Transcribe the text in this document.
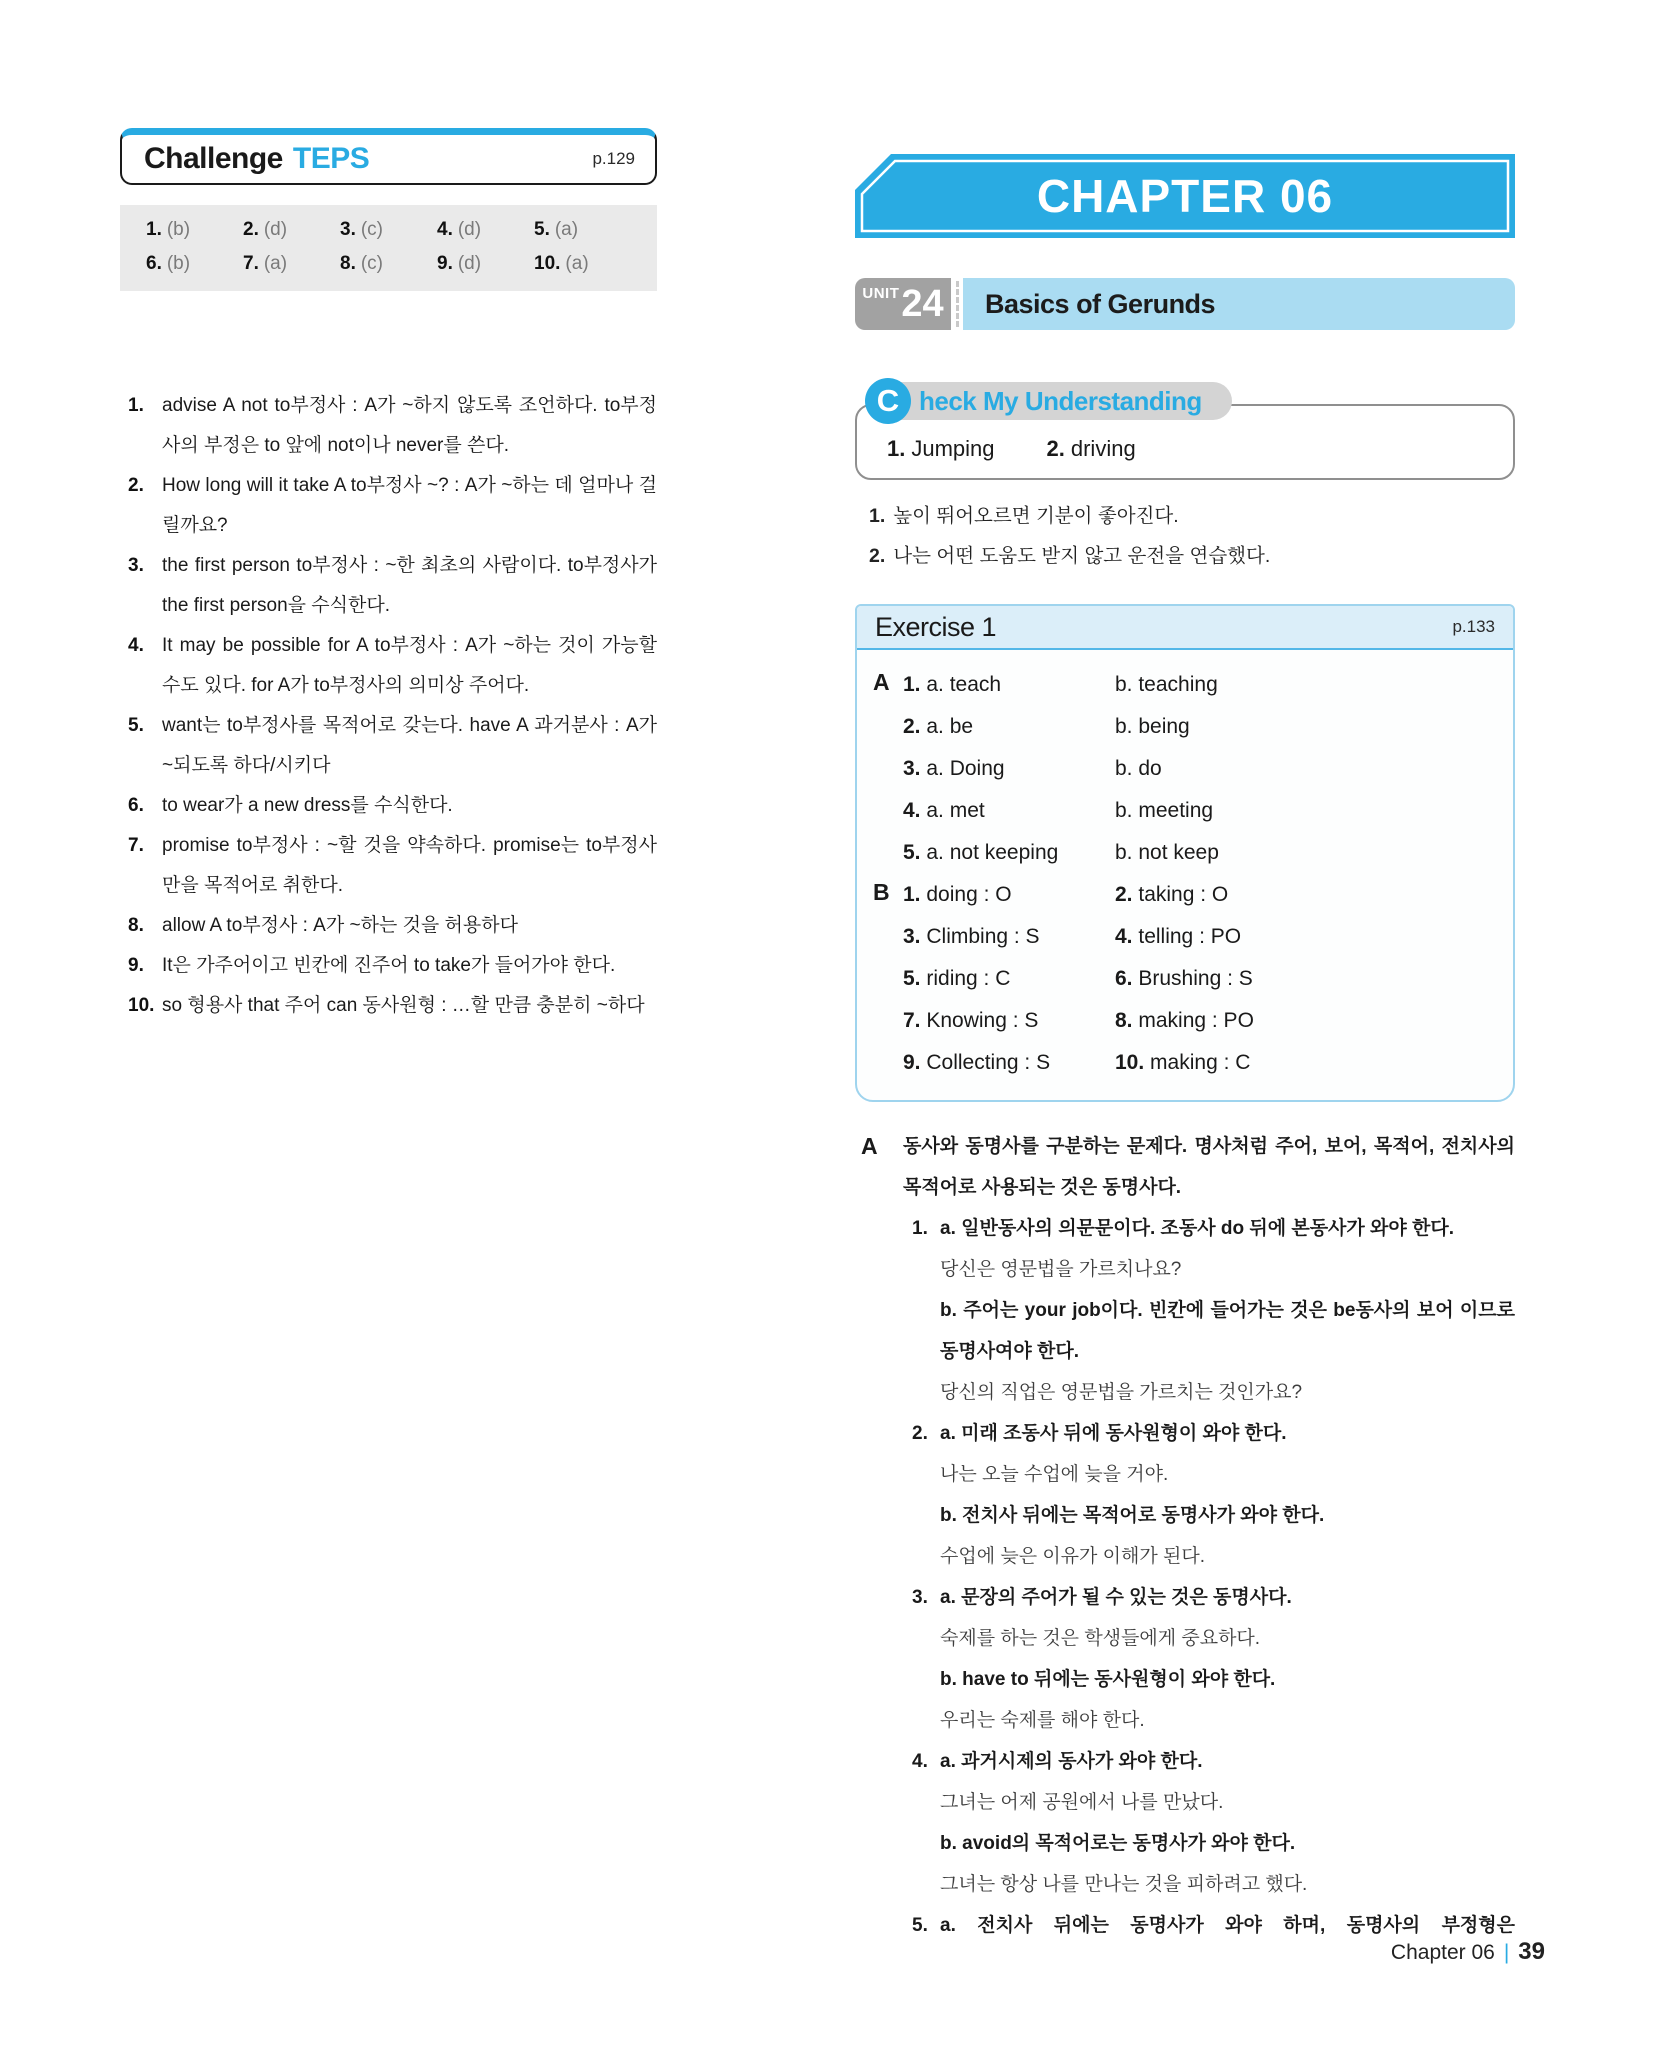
Challenge TEPS	p.129
1. (b)	2. (d)	3. (c)	4. (d)	5. (a)
6. (b)	7. (a)	8. (c)	9. (d)	10. (a)
1. advise A not to부정사 : A가 ~하지 않도록 조언하다. to부정사의 부정은 to 앞에 not이나 never를 쓴다.
2. How long will it take A to부정사 ~? : A가 ~하는 데 얼마나 걸릴까요?
3. the first person to부정사 : ~한 최초의 사람이다. to부정사가 the first person을 수식한다.
4. It may be possible for A to부정사 : A가 ~하는 것이 가능할 수도 있다. for A가 to부정사의 의미상 주어다.
5. want는 to부정사를 목적어로 갖는다. have A 과거분사 : A가 ~되도록 하다/시키다
6. to wear가 a new dress를 수식한다.
7. promise to부정사 : ~할 것을 약속하다. promise는 to부정사만을 목적어로 취한다.
8. allow A to부정사 : A가 ~하는 것을 허용하다
9. It은 가주어이고 빈칸에 진주어 to take가 들어가야 한다.
10. so 형용사 that 주어 can 동사원형 : …할 만큼 충분히 ~하다
CHAPTER 06
UNIT 24	Basics of Gerunds
C heck My Understanding
1. Jumping 2. driving
1. 높이 뛰어오르면 기분이 좋아진다.
2. 나는 어떤 도움도 받지 않고 운전을 연습했다.
Exercise 1	p.133
A 1. a. teach	b. teaching
2. a. be	b. being
3. a. Doing	b. do
4. a. met	b. meeting
5. a. not keeping	b. not keep
B 1. doing : O	2. taking : O
3. Climbing : S	4. telling : PO
5. riding : C	6. Brushing : S
7. Knowing : S	8. making : PO
9. Collecting : S	10. making : C

A 동사와 동명사를 구분하는 문제다. 명사처럼 주어, 보어, 목적어, 전치사의 목적어로 사용되는 것은 동명사다.

1. a. 일반동사의 의문문이다. 조동사 do 뒤에 본동사가 와야 한다.

당신은 영문법을 가르치나요?

b. 주어는 your job이다. 빈칸에 들어가는 것은 be동사의 보어 이므로 동명사여야 한다.

당신의 직업은 영문법을 가르치는 것인가요?

2. a. 미래 조동사 뒤에 동사원형이 와야 한다.

나는 오늘 수업에 늦을 거야.

b. 전치사 뒤에는 목적어로 동명사가 와야 한다.

수업에 늦은 이유가 이해가 된다.

3. a. 문장의 주어가 될 수 있는 것은 동명사다.

숙제를 하는 것은 학생들에게 중요하다.

b. have to 뒤에는 동사원형이 와야 한다.

우리는 숙제를 해야 한다.

4. a. 과거시제의 동사가 와야 한다.

그녀는 어제 공원에서 나를 만났다.

b. avoid의 목적어로는 동명사가 와야 한다.

그녀는 항상 나를 만나는 것을 피하려고 했다.

5. a. 전치사 뒤에는 동명사가 와야 하며, 동명사의 부정형은

Chapter 06 | 39
